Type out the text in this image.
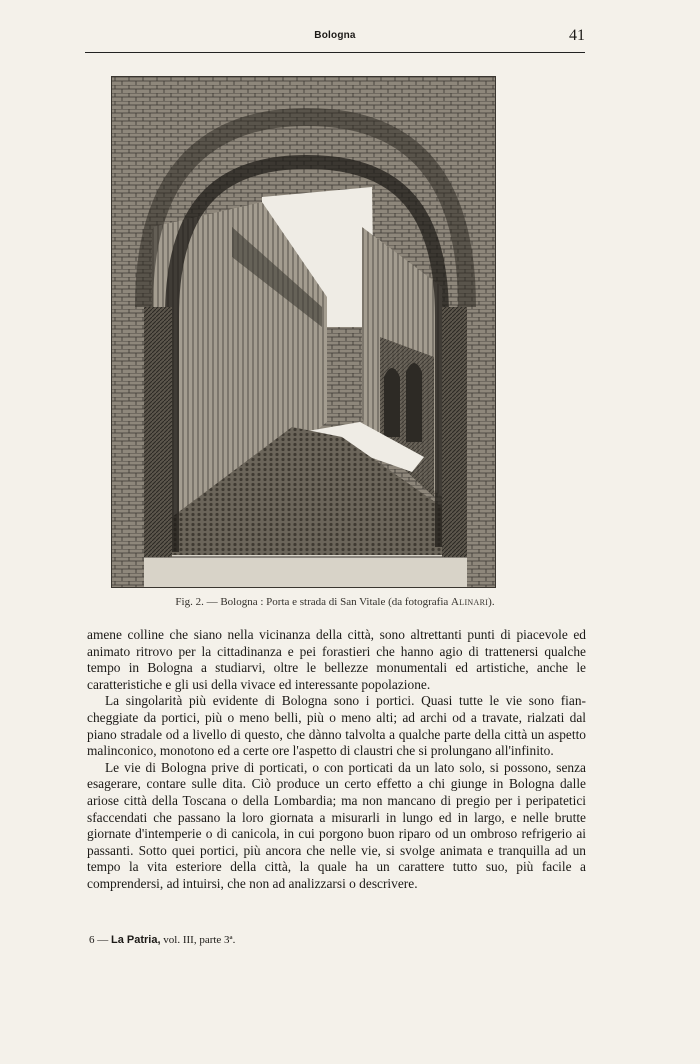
Bologna	41
Fig. 2. — Bologna : Porta e strada di San Vitale (da fotografia Alinari).

amene colline che siano nella vicinanza della città, sono altrettanti punti di piacevole ed animato ritrovo per la cittadinanza e pei forastieri che hanno agio di trattenersi qualche tempo in Bologna a studiarvi, oltre le bellezze monumentali ed artistiche, anche le caratteristiche e gli usi della vivace ed interessante popolazione.

La singolarità più evidente di Bologna sono i portici. Quasi tutte le vie sono fiancheggiate da portici, più o meno belli, più o meno alti; ad archi od a travate, rialzati dal piano stradale od a livello di questo, che dànno talvolta a qualche parte della città un aspetto malinconico, monotono ed a certe ore l'aspetto di claustri che si prolungano all'infinito.

Le vie di Bologna prive di porticati, o con porticati da un lato solo, si possono, senza esagerare, contare sulle dita. Ciò produce un certo effetto a chi giunge in Bologna dalle ariose città della Toscana o della Lombardia; ma non mancano di pregio per i peripatetici sfaccendati che passano la loro giornata a misurarli in lungo ed in largo, e nelle brutte giornate d'intemperie o di canicola, in cui porgono buon riparo od un ombroso refrigerio ai passanti. Sotto quei portici, più ancora che nelle vie, si svolge animata e tranquilla ad un tempo la vita esteriore della città, la quale ha un carattere tutto suo, più facile a comprendersi, ad intuirsi, che non ad analizzarsi o descrivere.

6 — La Patria, vol. III, parte 3ª.
